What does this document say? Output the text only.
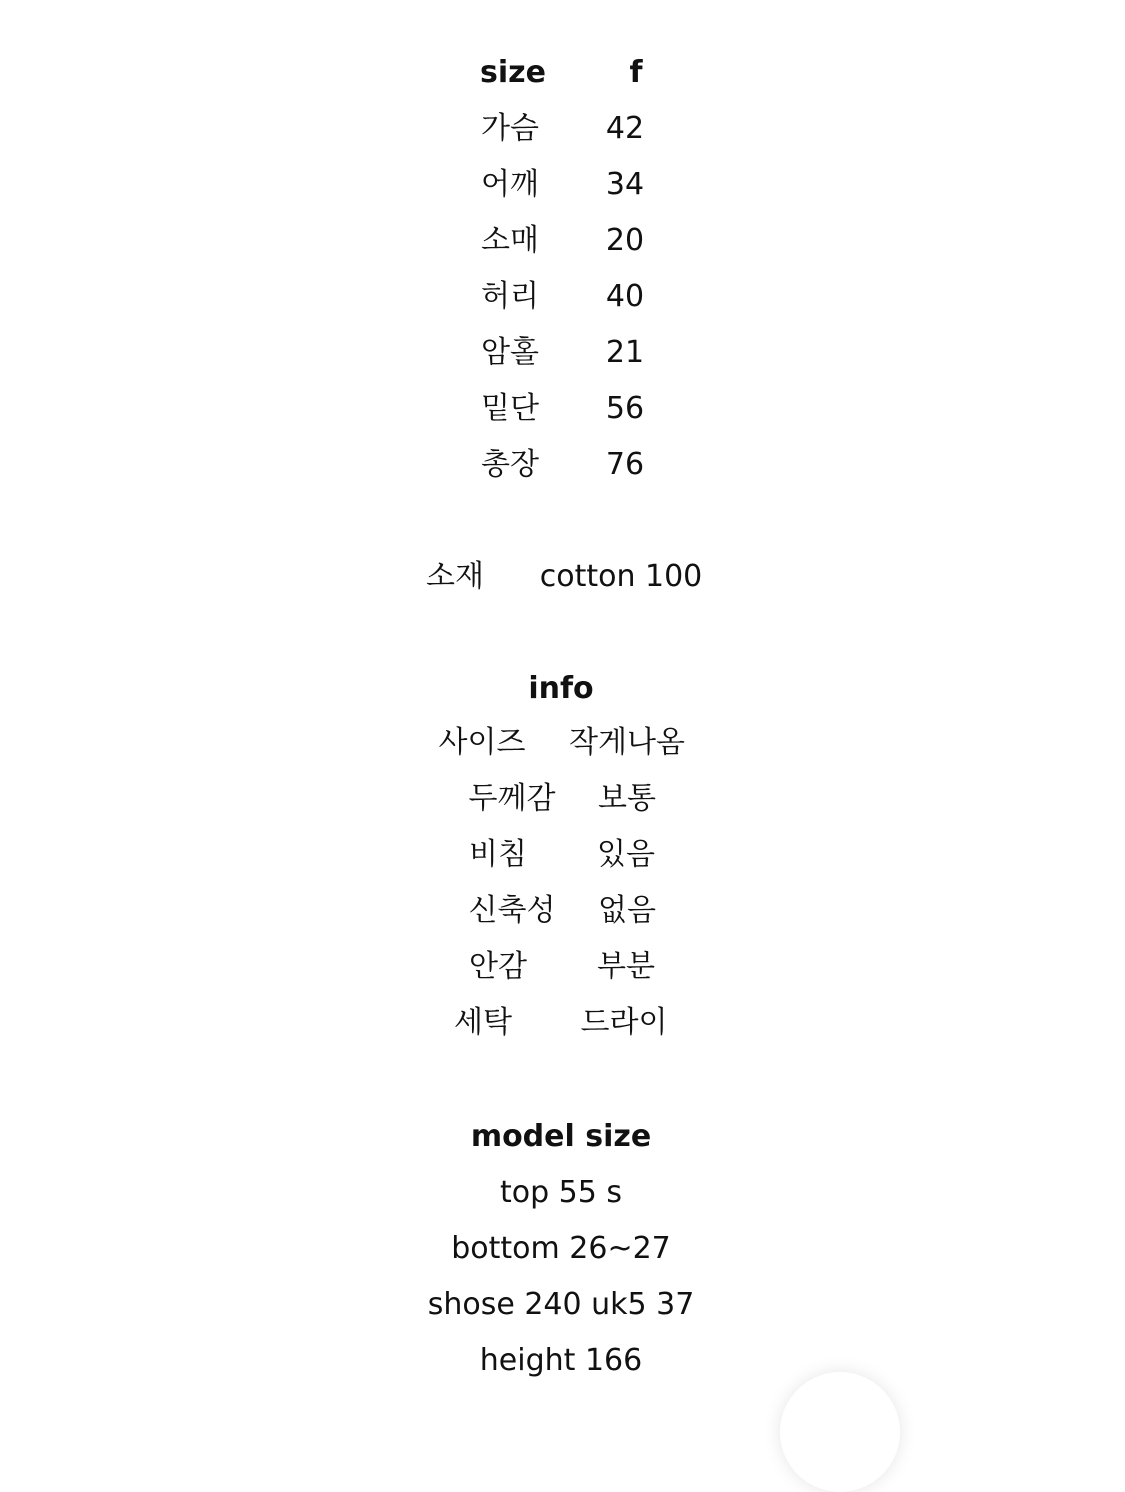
size	f
가슴 42
어깨 34
소매 20
허리 40
암홀 21
밑단 56
총장 76
소재 cotton 100
info
사이즈 작게나옴
두께감 보통
비침 있음
신축성 없음
안감 부분
세탁 드라이
model size
top 55 s
bottom 26~27
shose 240 uk5 37
height 166
